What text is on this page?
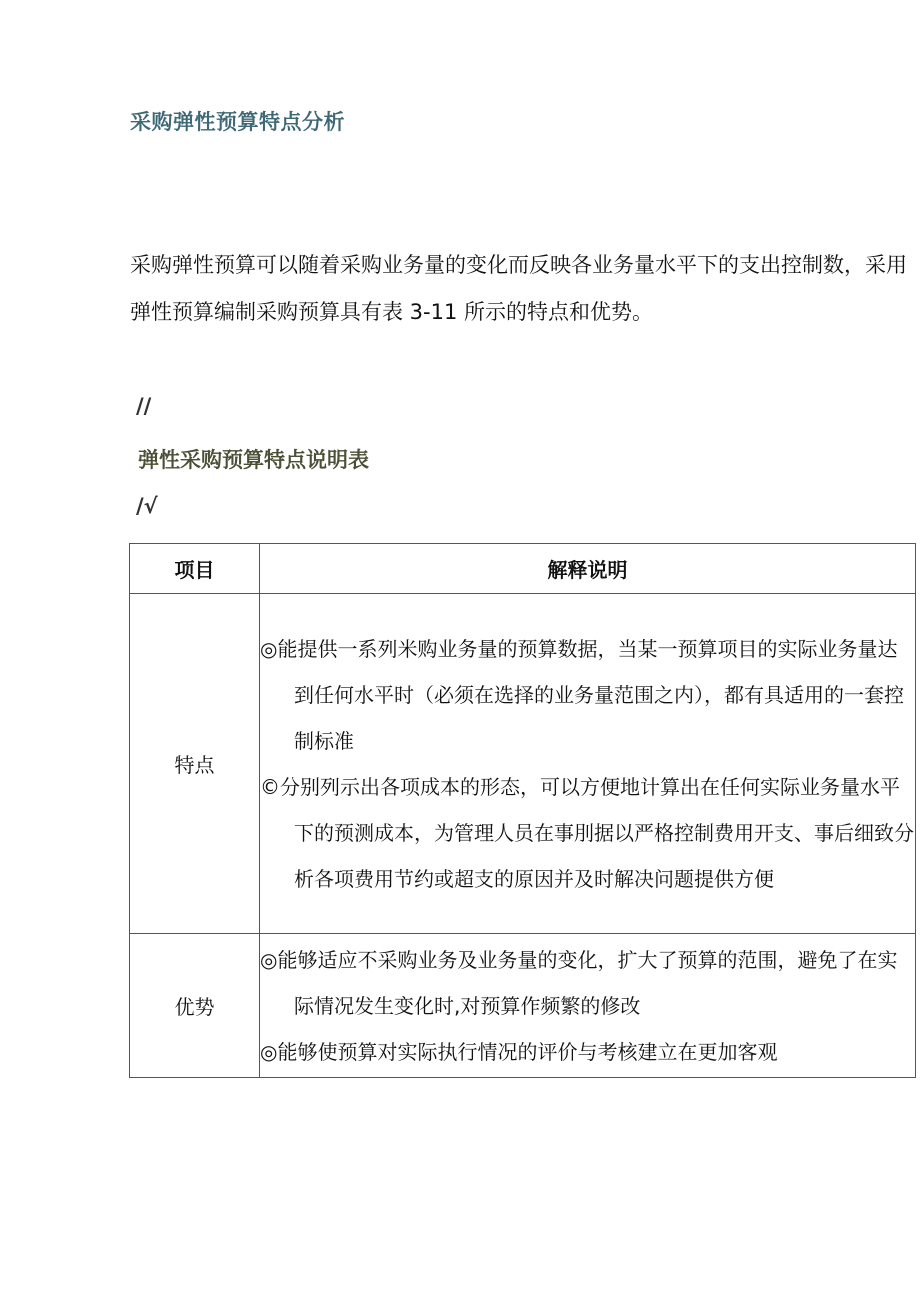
采购弹性预算特点分析
采购弹性预算可以随着采购业务量的变化而反映各业务量水平下的支出控制数，采用弹性预算编制采购预算具有表 3-11 所示的特点和优势。
//
弹性采购预算特点说明表
/√
项目	解释说明
特点	◎能提供一系列米购业务量的预算数据，当某一预算项目的实际业务量达到任何水平时（必须在选择的业务量范围之内），都有具适用的一套控制标准
©分别列示出各项成本的形态，可以方便地计算出在任何实际业务量水平下的预测成本，为管理人员在事刖据以严格控制费用开支、事后细致分析各项费用节约或超支的原因并及时解决问题提供方便

优势	◎能够适应不采购业务及业务量的变化，扩大了预算的范围，避免了在实际情况发生变化时,对预算作频繁的修改
◎能够使预算对实际执行情况的评价与考核建立在更加客观
